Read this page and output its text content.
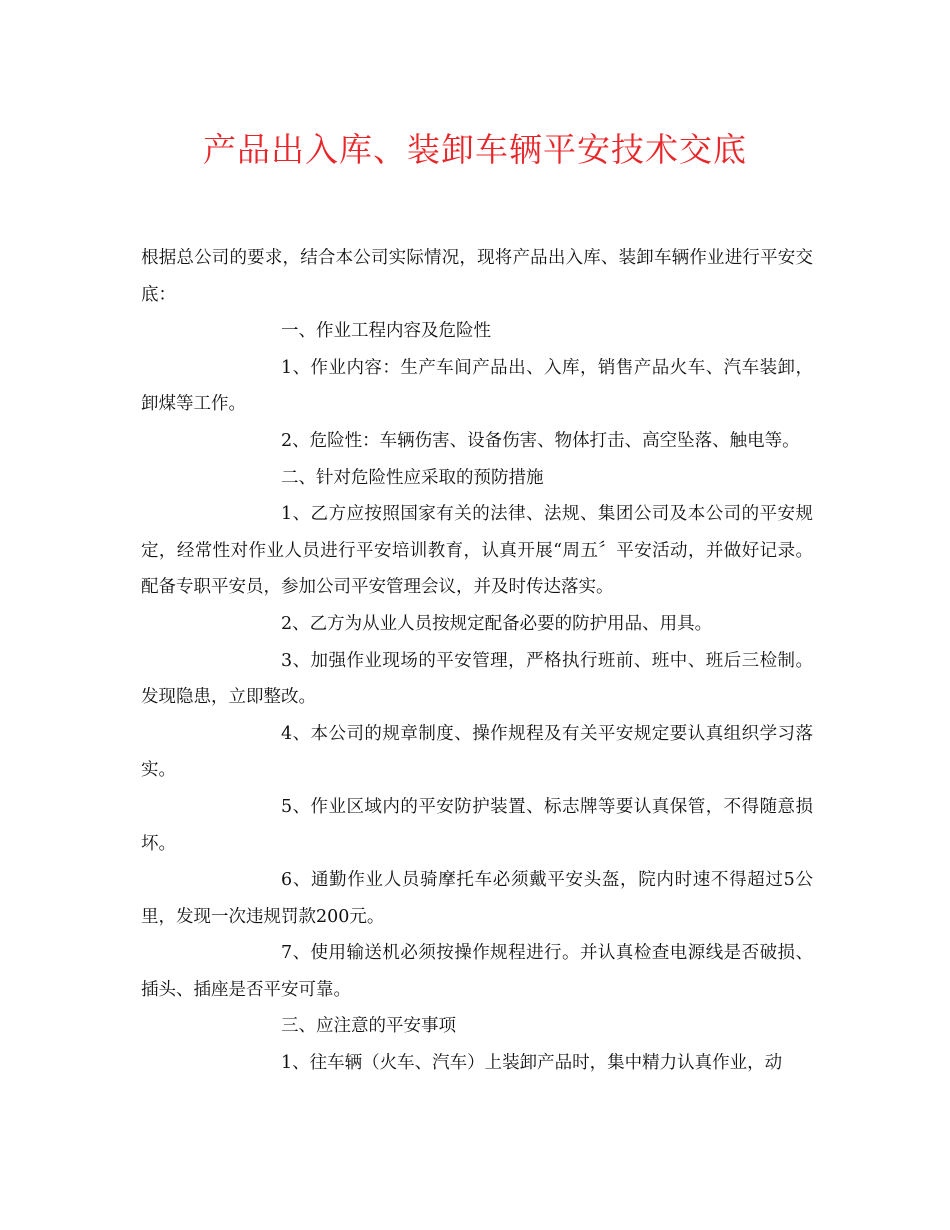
产品出入库、装卸车辆平安技术交底

根据总公司的要求，结合本公司实际情况，现将产品出入库、装卸车辆作业进行平安交底：

一、作业工程内容及危险性

1、作业内容：生产车间产品出、入库，销售产品火车、汽车装卸，卸煤等工作。

2、危险性：车辆伤害、设备伤害、物体打击、高空坠落、触电等。

二、针对危险性应采取的预防措施

1、乙方应按照国家有关的法律、法规、集团公司及本公司的平安规定，经常性对作业人员进行平安培训教育，认真开展“周五〞平安活动，并做好记录。配备专职平安员，参加公司平安管理会议，并及时传达落实。

2、乙方为从业人员按规定配备必要的防护用品、用具。

3、加强作业现场的平安管理，严格执行班前、班中、班后三检制。发现隐患，立即整改。

4、本公司的规章制度、操作规程及有关平安规定要认真组织学习落实。

5、作业区域内的平安防护装置、标志牌等要认真保管，不得随意损坏。

6、通勤作业人员骑摩托车必须戴平安头盔，院内时速不得超过5公里，发现一次违规罚款200元。

7、使用输送机必须按操作规程进行。并认真检查电源线是否破损、插头、插座是否平安可靠。

三、应注意的平安事项

1、往车辆（火车、汽车）上装卸产品时，集中精力认真作业，动
